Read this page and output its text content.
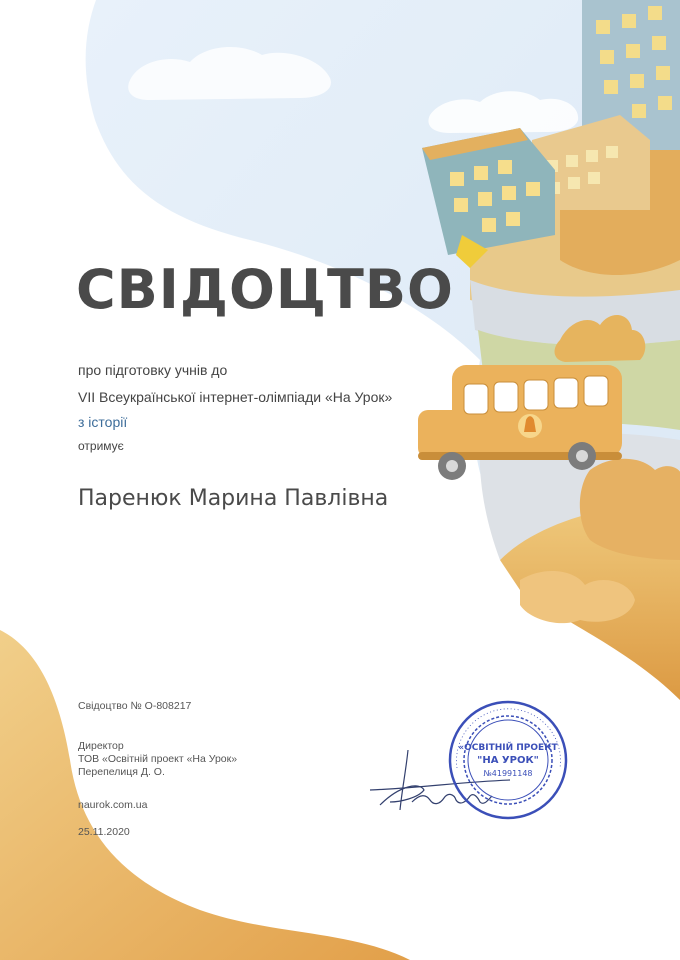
СВІДОЦТВО
про підготовку учнів до
VII Всеукраїнської інтернет-олімпіади «На Урок»
з історії
отримує
Паренюк Марина Павлівна
Свідоцтво № О-808217
Директор
ТОВ «Освітній проект «На Урок»
Перепелиця Д. О.
naurok.com.ua
25.11.2020
«ОСВІТНІЙ ПРОЕКТ
"НА УРОК"
№41991148
